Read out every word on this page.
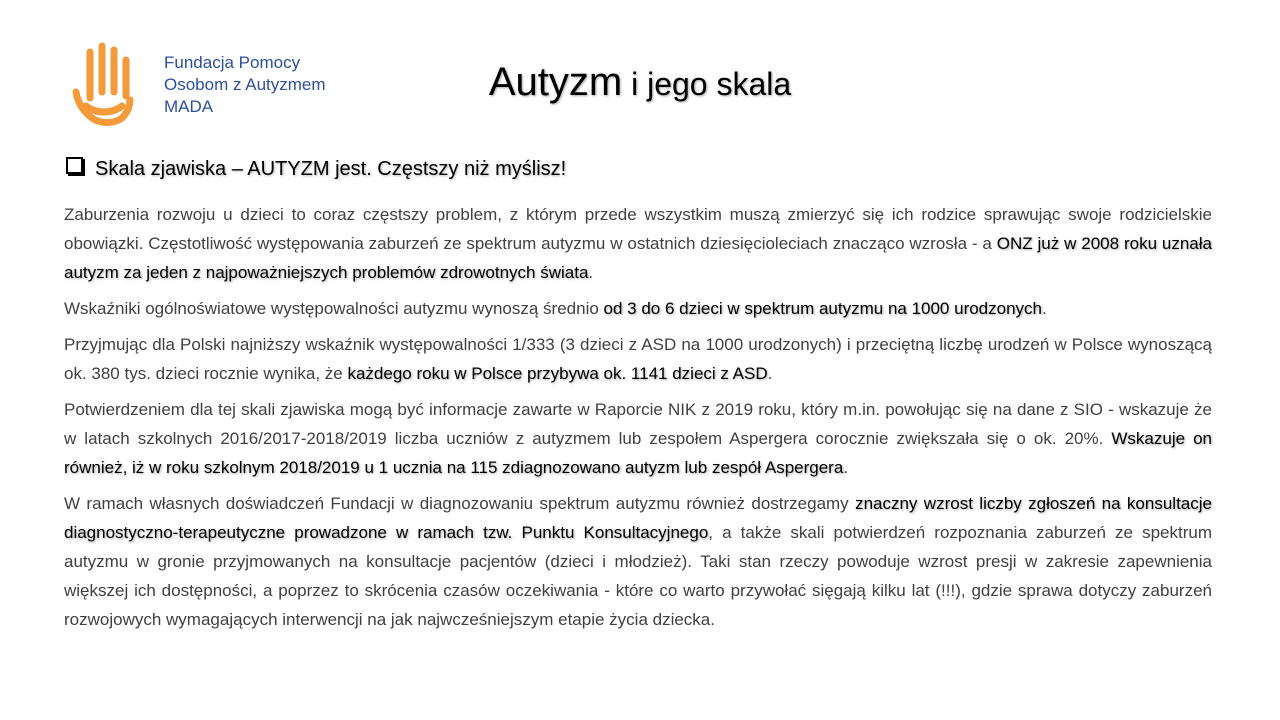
Fundacja Pomocy
Osobom z Autyzmem
MADA
Autyzm i jego skala
Skala zjawiska – AUTYZM jest. Częstszy niż myślisz!

Zaburzenia rozwoju u dzieci to coraz częstszy problem, z którym przede wszystkim muszą zmierzyć się ich rodzice sprawując swoje rodzicielskie obowiązki. Częstotliwość występowania zaburzeń ze spektrum autyzmu w ostatnich dziesięcioleciach znacząco wzrosła - a ONZ już w 2008 roku uznała autyzm za jeden z najpoważniejszych problemów zdrowotnych świata.

Wskaźniki ogólnoświatowe występowalności autyzmu wynoszą średnio od 3 do 6 dzieci w spektrum autyzmu na 1000 urodzonych.

Przyjmując dla Polski najniższy wskaźnik występowalności 1/333 (3 dzieci z ASD na 1000 urodzonych) i przeciętną liczbę urodzeń w Polsce wynoszącą ok. 380 tys. dzieci rocznie wynika, że każdego roku w Polsce przybywa ok. 1141 dzieci z ASD.

Potwierdzeniem dla tej skali zjawiska mogą być informacje zawarte w Raporcie NIK z 2019 roku, który m.in. powołując się na dane z SIO - wskazuje że w latach szkolnych 2016/2017-2018/2019 liczba uczniów z autyzmem lub zespołem Aspergera corocznie zwiększała się o ok. 20%. Wskazuje on również, iż w roku szkolnym 2018/2019 u 1 ucznia na 115 zdiagnozowano autyzm lub zespół Aspergera.

W ramach własnych doświadczeń Fundacji w diagnozowaniu spektrum autyzmu również dostrzegamy znaczny wzrost liczby zgłoszeń na konsultacje diagnostyczno-terapeutyczne prowadzone w ramach tzw. Punktu Konsultacyjnego, a także skali potwierdzeń rozpoznania zaburzeń ze spektrum autyzmu w gronie przyjmowanych na konsultacje pacjentów (dzieci i młodzież). Taki stan rzeczy powoduje wzrost presji w zakresie zapewnienia większej ich dostępności, a poprzez to skrócenia czasów oczekiwania - które co warto przywołać sięgają kilku lat (!!!), gdzie sprawa dotyczy zaburzeń rozwojowych wymagających interwencji na jak najwcześniejszym etapie życia dziecka.
